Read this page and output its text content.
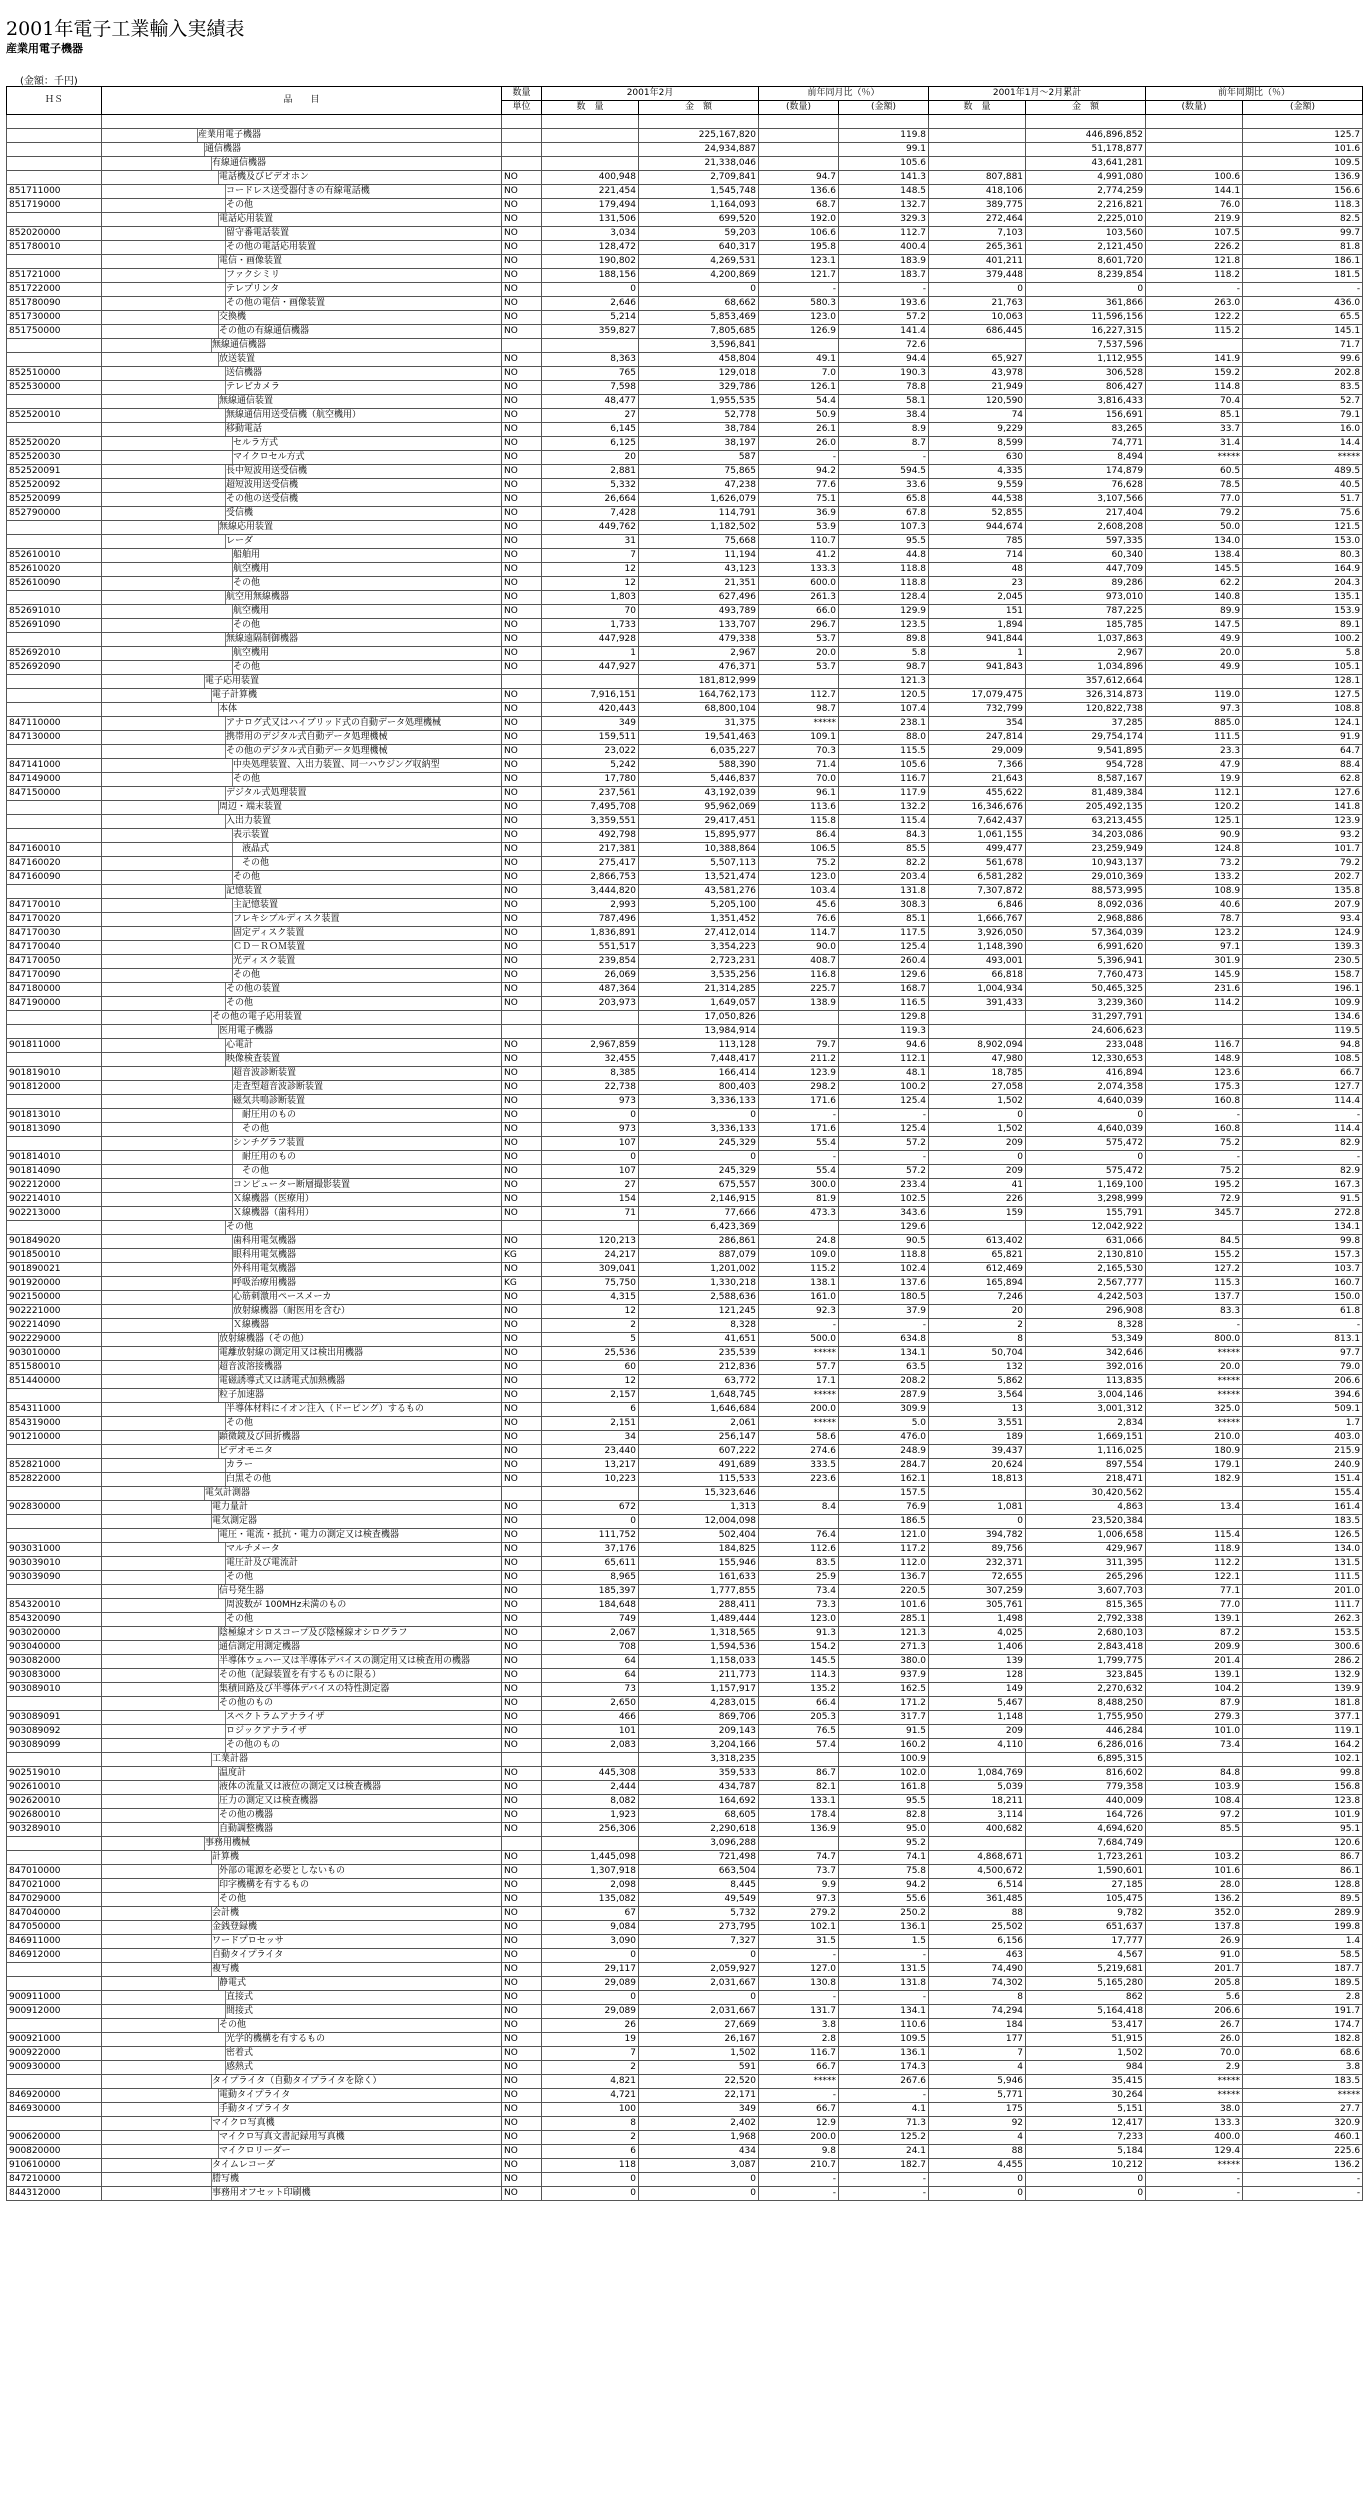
2001年電子工業輸入実績表
産業用電子機器
(金額：千円)
ＨＳ	品　　目	数量	2001年2月		前年同月比（％）		2001年1月～2月累計		前年同期比（％）	
		単位	数　量	金　額	(数量)	(金額)	数　量	金　額	(数量)	(金額)

	産業用電子機器			225,167,820		119.8		446,896,852		125.7

	通信機器			24,934,887		99.1		51,178,877		101.6

	有線通信機器			21,338,046		105.6		43,641,281		109.5

	電話機及びビデオホン	NO	400,948	2,709,841	94.7	141.3	807,881	4,991,080	100.6	136.9
851711000	コードレス送受器付きの有線電話機	NO	221,454	1,545,748	136.6	148.5	418,106	2,774,259	144.1	156.6
851719000	その他	NO	179,494	1,164,093	68.7	132.7	389,775	2,216,821	76.0	118.3

	電話応用装置	NO	131,506	699,520	192.0	329.3	272,464	2,225,010	219.9	82.5
852020000	留守番電話装置	NO	3,034	59,203	106.6	112.7	7,103	103,560	107.5	99.7
851780010	その他の電話応用装置	NO	128,472	640,317	195.8	400.4	265,361	2,121,450	226.2	81.8

	電信・画像装置	NO	190,802	4,269,531	123.1	183.9	401,211	8,601,720	121.8	186.1
851721000	ファクシミリ	NO	188,156	4,200,869	121.7	183.7	379,448	8,239,854	118.2	181.5
851722000	テレプリンタ	NO	0	0	-	-	0	0	-	-
851780090	その他の電信・画像装置	NO	2,646	68,662	580.3	193.6	21,763	361,866	263.0	436.0
851730000	交換機	NO	5,214	5,853,469	123.0	57.2	10,063	11,596,156	122.2	65.5
851750000	その他の有線通信機器	NO	359,827	7,805,685	126.9	141.4	686,445	16,227,315	115.2	145.1

	無線通信機器			3,596,841		72.6		7,537,596		71.7

	放送装置	NO	8,363	458,804	49.1	94.4	65,927	1,112,955	141.9	99.6
852510000	送信機器	NO	765	129,018	7.0	190.3	43,978	306,528	159.2	202.8
852530000	テレビカメラ	NO	7,598	329,786	126.1	78.8	21,949	806,427	114.8	83.5

	無線通信装置	NO	48,477	1,955,535	54.4	58.1	120,590	3,816,433	70.4	52.7
852520010	無線通信用送受信機（航空機用）	NO	27	52,778	50.9	38.4	74	156,691	85.1	79.1

	移動電話	NO	6,145	38,784	26.1	8.9	9,229	83,265	33.7	16.0
852520020	セルラ方式	NO	6,125	38,197	26.0	8.7	8,599	74,771	31.4	14.4
852520030	マイクロセル方式	NO	20	587	-	-	630	8,494	*****	*****
852520091	長中短波用送受信機	NO	2,881	75,865	94.2	594.5	4,335	174,879	60.5	489.5
852520092	超短波用送受信機	NO	5,332	47,238	77.6	33.6	9,559	76,628	78.5	40.5
852520099	その他の送受信機	NO	26,664	1,626,079	75.1	65.8	44,538	3,107,566	77.0	51.7
852790000	受信機	NO	7,428	114,791	36.9	67.8	52,855	217,404	79.2	75.6

	無線応用装置	NO	449,762	1,182,502	53.9	107.3	944,674	2,608,208	50.0	121.5

	レーダ	NO	31	75,668	110.7	95.5	785	597,335	134.0	153.0
852610010	船舶用	NO	7	11,194	41.2	44.8	714	60,340	138.4	80.3
852610020	航空機用	NO	12	43,123	133.3	118.8	48	447,709	145.5	164.9
852610090	その他	NO	12	21,351	600.0	118.8	23	89,286	62.2	204.3

	航空用無線機器	NO	1,803	627,496	261.3	128.4	2,045	973,010	140.8	135.1
852691010	航空機用	NO	70	493,789	66.0	129.9	151	787,225	89.9	153.9
852691090	その他	NO	1,733	133,707	296.7	123.5	1,894	185,785	147.5	89.1

	無線遠隔制御機器	NO	447,928	479,338	53.7	89.8	941,844	1,037,863	49.9	100.2
852692010	航空機用	NO	1	2,967	20.0	5.8	1	2,967	20.0	5.8
852692090	その他	NO	447,927	476,371	53.7	98.7	941,843	1,034,896	49.9	105.1

	電子応用装置			181,812,999		121.3		357,612,664		128.1

	電子計算機	NO	7,916,151	164,762,173	112.7	120.5	17,079,475	326,314,873	119.0	127.5

	本体	NO	420,443	68,800,104	98.7	107.4	732,799	120,822,738	97.3	108.8
847110000	アナログ式又はハイブリッド式の自動データ処理機械	NO	349	31,375	*****	238.1	354	37,285	885.0	124.1
847130000	携帯用のデジタル式自動データ処理機械	NO	159,511	19,541,463	109.1	88.0	247,814	29,754,174	111.5	91.9

	その他のデジタル式自動データ処理機械	NO	23,022	6,035,227	70.3	115.5	29,009	9,541,895	23.3	64.7
847141000	中央処理装置、入出力装置、同一ハウジング収納型	NO	5,242	588,390	71.4	105.6	7,366	954,728	47.9	88.4
847149000	その他	NO	17,780	5,446,837	70.0	116.7	21,643	8,587,167	19.9	62.8
847150000	デジタル式処理装置	NO	237,561	43,192,039	96.1	117.9	455,622	81,489,384	112.1	127.6

	周辺・端末装置	NO	7,495,708	95,962,069	113.6	132.2	16,346,676	205,492,135	120.2	141.8

	入出力装置	NO	3,359,551	29,417,451	115.8	115.4	7,642,437	63,213,455	125.1	123.9

	表示装置	NO	492,798	15,895,977	86.4	84.3	1,061,155	34,203,086	90.9	93.2
847160010	　液晶式	NO	217,381	10,388,864	106.5	85.5	499,477	23,259,949	124.8	101.7
847160020	　その他	NO	275,417	5,507,113	75.2	82.2	561,678	10,943,137	73.2	79.2
847160090	その他	NO	2,866,753	13,521,474	123.0	203.4	6,581,282	29,010,369	133.2	202.7

	記憶装置	NO	3,444,820	43,581,276	103.4	131.8	7,307,872	88,573,995	108.9	135.8
847170010	主記憶装置	NO	2,993	5,205,100	45.6	308.3	6,846	8,092,036	40.6	207.9
847170020	フレキシブルディスク装置	NO	787,496	1,351,452	76.6	85.1	1,666,767	2,968,886	78.7	93.4
847170030	固定ディスク装置	NO	1,836,891	27,412,014	114.7	117.5	3,926,050	57,364,039	123.2	124.9
847170040	ＣＤ－ＲＯＭ装置	NO	551,517	3,354,223	90.0	125.4	1,148,390	6,991,620	97.1	139.3
847170050	光ディスク装置	NO	239,854	2,723,231	408.7	260.4	493,001	5,396,941	301.9	230.5
847170090	その他	NO	26,069	3,535,256	116.8	129.6	66,818	7,760,473	145.9	158.7
847180000	その他の装置	NO	487,364	21,314,285	225.7	168.7	1,004,934	50,465,325	231.6	196.1
847190000	その他	NO	203,973	1,649,057	138.9	116.5	391,433	3,239,360	114.2	109.9

	その他の電子応用装置			17,050,826		129.8		31,297,791		134.6

	医用電子機器			13,984,914		119.3		24,606,623		119.5
901811000	心電計	NO	2,967,859	113,128	79.7	94.6	8,902,094	233,048	116.7	94.8

	映像検査装置	NO	32,455	7,448,417	211.2	112.1	47,980	12,330,653	148.9	108.5
901819010	超音波診断装置	NO	8,385	166,414	123.9	48.1	18,785	416,894	123.6	66.7
901812000	走査型超音波診断装置	NO	22,738	800,403	298.2	100.2	27,058	2,074,358	175.3	127.7

	磁気共鳴診断装置	NO	973	3,336,133	171.6	125.4	1,502	4,640,039	160.8	114.4
901813010	　耐圧用のもの	NO	0	0	-	-	0	0	-	-
901813090	　その他	NO	973	3,336,133	171.6	125.4	1,502	4,640,039	160.8	114.4

	シンチグラフ装置	NO	107	245,329	55.4	57.2	209	575,472	75.2	82.9
901814010	　耐圧用のもの	NO	0	0	-	-	0	0	-	-
901814090	　その他	NO	107	245,329	55.4	57.2	209	575,472	75.2	82.9
902212000	コンピューター断層撮影装置	NO	27	675,557	300.0	233.4	41	1,169,100	195.2	167.3
902214010	Ｘ線機器（医療用）	NO	154	2,146,915	81.9	102.5	226	3,298,999	72.9	91.5
902213000	Ｘ線機器（歯科用）	NO	71	77,666	473.3	343.6	159	155,791	345.7	272.8

	その他			6,423,369		129.6		12,042,922		134.1
901849020	歯科用電気機器	NO	120,213	286,861	24.8	90.5	613,402	631,066	84.5	99.8
901850010	眼科用電気機器	KG	24,217	887,079	109.0	118.8	65,821	2,130,810	155.2	157.3
901890021	外科用電気機器	NO	309,041	1,201,002	115.2	102.4	612,469	2,165,530	127.2	103.7
901920000	呼吸治療用機器	KG	75,750	1,330,218	138.1	137.6	165,894	2,567,777	115.3	160.7
902150000	心筋刺激用ペースメーカ	NO	4,315	2,588,636	161.0	180.5	7,246	4,242,503	137.7	150.0
902221000	放射線機器（耐医用を含む）	NO	12	121,245	92.3	37.9	20	296,908	83.3	61.8
902214090	Ｘ線機器	NO	2	8,328	-	-	2	8,328	-	-
902229000	放射線機器（その他）	NO	5	41,651	500.0	634.8	8	53,349	800.0	813.1
903010000	電離放射線の測定用又は検出用機器	NO	25,536	235,539	*****	134.1	50,704	342,646	*****	97.7
851580010	超音波溶接機器	NO	60	212,836	57.7	63.5	132	392,016	20.0	79.0
851440000	電磁誘導式又は誘電式加熱機器	NO	12	63,772	17.1	208.2	5,862	113,835	*****	206.6

	粒子加速器	NO	2,157	1,648,745	*****	287.9	3,564	3,004,146	*****	394.6
854311000	半導体材料にイオン注入（ドーピング）するもの	NO	6	1,646,684	200.0	309.9	13	3,001,312	325.0	509.1
854319000	その他	NO	2,151	2,061	*****	5.0	3,551	2,834	*****	1.7
901210000	顕微鏡及び回折機器	NO	34	256,147	58.6	476.0	189	1,669,151	210.0	403.0

	ビデオモニタ	NO	23,440	607,222	274.6	248.9	39,437	1,116,025	180.9	215.9
852821000	カラー	NO	13,217	491,689	333.5	284.7	20,624	897,554	179.1	240.9
852822000	白黒その他	NO	10,223	115,533	223.6	162.1	18,813	218,471	182.9	151.4

	電気計測器			15,323,646		157.5		30,420,562		155.4
902830000	電力量計	NO	672	1,313	8.4	76.9	1,081	4,863	13.4	161.4

	電気測定器	NO	0	12,004,098		186.5	0	23,520,384		183.5

	電圧・電流・抵抗・電力の測定又は検査機器	NO	111,752	502,404	76.4	121.0	394,782	1,006,658	115.4	126.5
903031000	マルチメータ	NO	37,176	184,825	112.6	117.2	89,756	429,967	118.9	134.0
903039010	電圧計及び電流計	NO	65,611	155,946	83.5	112.0	232,371	311,395	112.2	131.5
903039090	その他	NO	8,965	161,633	25.9	136.7	72,655	265,296	122.1	111.5

	信号発生器	NO	185,397	1,777,855	73.4	220.5	307,259	3,607,703	77.1	201.0
854320010	周波数が 100MHz未満のもの	NO	184,648	288,411	73.3	101.6	305,761	815,365	77.0	111.7
854320090	その他	NO	749	1,489,444	123.0	285.1	1,498	2,792,338	139.1	262.3
903020000	陰極線オシロスコープ及び陰極線オシログラフ	NO	2,067	1,318,565	91.3	121.3	4,025	2,680,103	87.2	153.5
903040000	通信測定用測定機器	NO	708	1,594,536	154.2	271.3	1,406	2,843,418	209.9	300.6
903082000	半導体ウェハー又は半導体デバイスの測定用又は検査用の機器	NO	64	1,158,033	145.5	380.0	139	1,799,775	201.4	286.2
903083000	その他（記録装置を有するものに限る）	NO	64	211,773	114.3	937.9	128	323,845	139.1	132.9
903089010	集積回路及び半導体デバイスの特性測定器	NO	73	1,157,917	135.2	162.5	149	2,270,632	104.2	139.9

	その他のもの	NO	2,650	4,283,015	66.4	171.2	5,467	8,488,250	87.9	181.8
903089091	スペクトラムアナライザ	NO	466	869,706	205.3	317.7	1,148	1,755,950	279.3	377.1
903089092	ロジックアナライザ	NO	101	209,143	76.5	91.5	209	446,284	101.0	119.1
903089099	その他のもの	NO	2,083	3,204,166	57.4	160.2	4,110	6,286,016	73.4	164.2

	工業計器			3,318,235		100.9		6,895,315		102.1
902519010	温度計	NO	445,308	359,533	86.7	102.0	1,084,769	816,602	84.8	99.8
902610010	液体の流量又は液位の測定又は検査機器	NO	2,444	434,787	82.1	161.8	5,039	779,358	103.9	156.8
902620010	圧力の測定又は検査機器	NO	8,082	164,692	133.1	95.5	18,211	440,009	108.4	123.8
902680010	その他の機器	NO	1,923	68,605	178.4	82.8	3,114	164,726	97.2	101.9
903289010	自動調整機器	NO	256,306	2,290,618	136.9	95.0	400,682	4,694,620	85.5	95.1

	事務用機械			3,096,288		95.2		7,684,749		120.6

	計算機	NO	1,445,098	721,498	74.7	74.1	4,868,671	1,723,261	103.2	86.7
847010000	外部の電源を必要としないもの	NO	1,307,918	663,504	73.7	75.8	4,500,672	1,590,601	101.6	86.1
847021000	印字機構を有するもの	NO	2,098	8,445	9.9	94.2	6,514	27,185	28.0	128.8
847029000	その他	NO	135,082	49,549	97.3	55.6	361,485	105,475	136.2	89.5
847040000	会計機	NO	67	5,732	279.2	250.2	88	9,782	352.0	289.9
847050000	金銭登録機	NO	9,084	273,795	102.1	136.1	25,502	651,637	137.8	199.8
846911000	ワードプロセッサ	NO	3,090	7,327	31.5	1.5	6,156	17,777	26.9	1.4
846912000	自動タイプライタ	NO	0	0	-	-	463	4,567	91.0	58.5

	複写機	NO	29,117	2,059,927	127.0	131.5	74,490	5,219,681	201.7	187.7

	静電式	NO	29,089	2,031,667	130.8	131.8	74,302	5,165,280	205.8	189.5
900911000	直接式	NO	0	0	-	-	8	862	5.6	2.8
900912000	間接式	NO	29,089	2,031,667	131.7	134.1	74,294	5,164,418	206.6	191.7

	その他	NO	26	27,669	3.8	110.6	184	53,417	26.7	174.7
900921000	光学的機構を有するもの	NO	19	26,167	2.8	109.5	177	51,915	26.0	182.8
900922000	密着式	NO	7	1,502	116.7	136.1	7	1,502	70.0	68.6
900930000	感熱式	NO	2	591	66.7	174.3	4	984	2.9	3.8

	タイプライタ（自動タイプライタを除く）	NO	4,821	22,520	*****	267.6	5,946	35,415	*****	183.5
846920000	電動タイプライタ	NO	4,721	22,171	-	-	5,771	30,264	*****	*****
846930000	手動タイプライタ	NO	100	349	66.7	4.1	175	5,151	38.0	27.7

	マイクロ写真機	NO	8	2,402	12.9	71.3	92	12,417	133.3	320.9
900620000	マイクロ写真文書記録用写真機	NO	2	1,968	200.0	125.2	4	7,233	400.0	460.1
900820000	マイクロリーダー	NO	6	434	9.8	24.1	88	5,184	129.4	225.6
910610000	タイムレコーダ	NO	118	3,087	210.7	182.7	4,455	10,212	*****	136.2
847210000	謄写機	NO	0	0	-	-	0	0	-	-
844312000	事務用オフセット印刷機	NO	0	0	-	-	0	0	-	-
